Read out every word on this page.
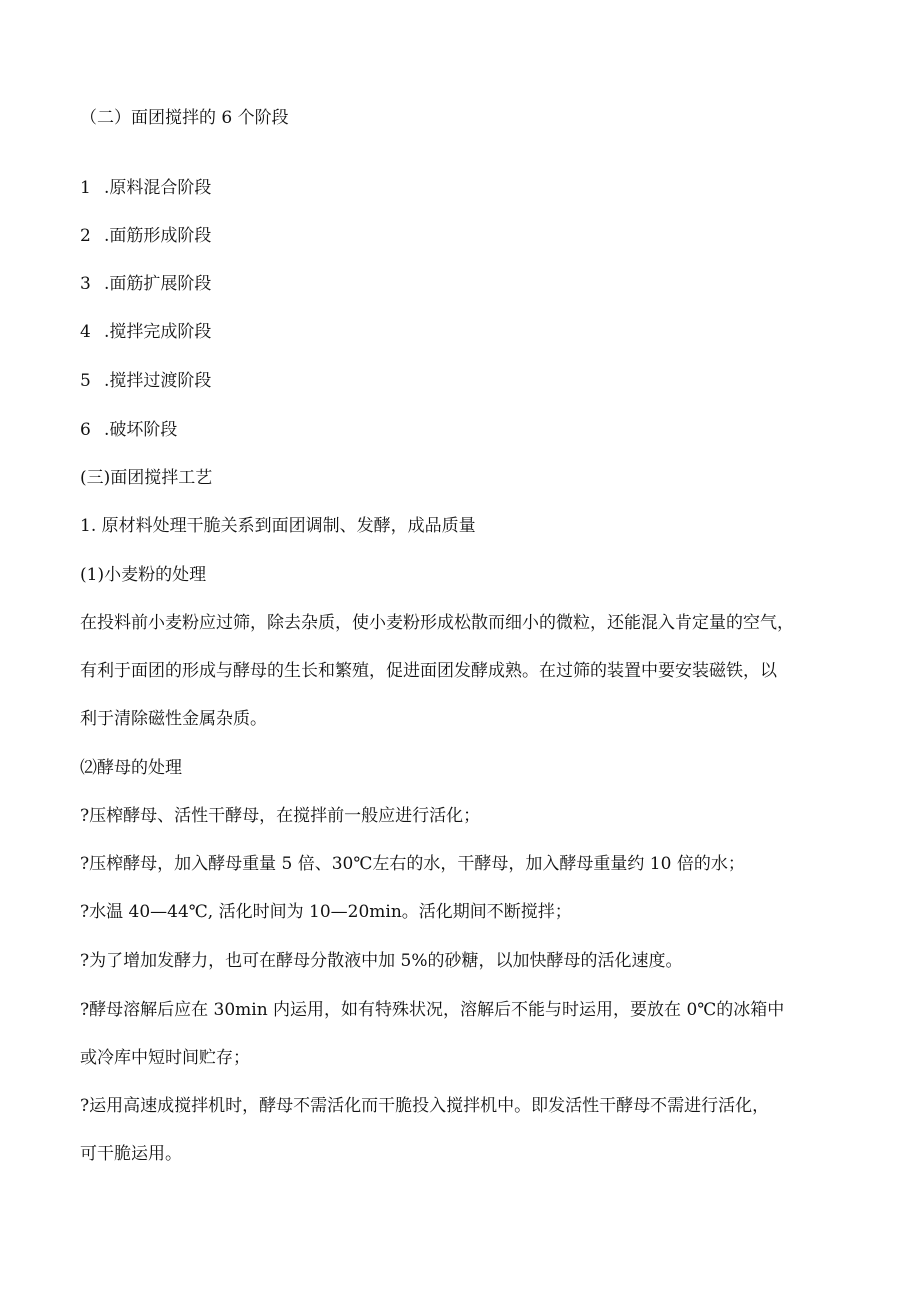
（二）面团搅拌的 6 个阶段
1 .原料混合阶段
2 .面筋形成阶段
3 .面筋扩展阶段
4 .搅拌完成阶段
5 .搅拌过渡阶段
6 .破坏阶段
(三)面团搅拌工艺
1. 原材料处理干脆关系到面团调制、发酵，成品质量
(1)小麦粉的处理
在投料前小麦粉应过筛，除去杂质，使小麦粉形成松散而细小的微粒，还能混入肯定量的空气，
有利于面团的形成与酵母的生长和繁殖，促进面团发酵成熟。在过筛的装置中要安装磁铁，以
利于清除磁性金属杂质。
⑵酵母的处理
?压榨酵母、活性干酵母，在搅拌前一般应进行活化；
?压榨酵母，加入酵母重量 5 倍、30℃左右的水，干酵母，加入酵母重量约 10 倍的水；
?水温 40—44℃, 活化时间为 10—20min。活化期间不断搅拌；
?为了增加发酵力，也可在酵母分散液中加 5%的砂糖，以加快酵母的活化速度。
?酵母溶解后应在 30min 内运用，如有特殊状况，溶解后不能与时运用，要放在 0℃的冰箱中
或冷库中短时间贮存；
?运用高速成搅拌机时，酵母不需活化而干脆投入搅拌机中。即发活性干酵母不需进行活化，
可干脆运用。
